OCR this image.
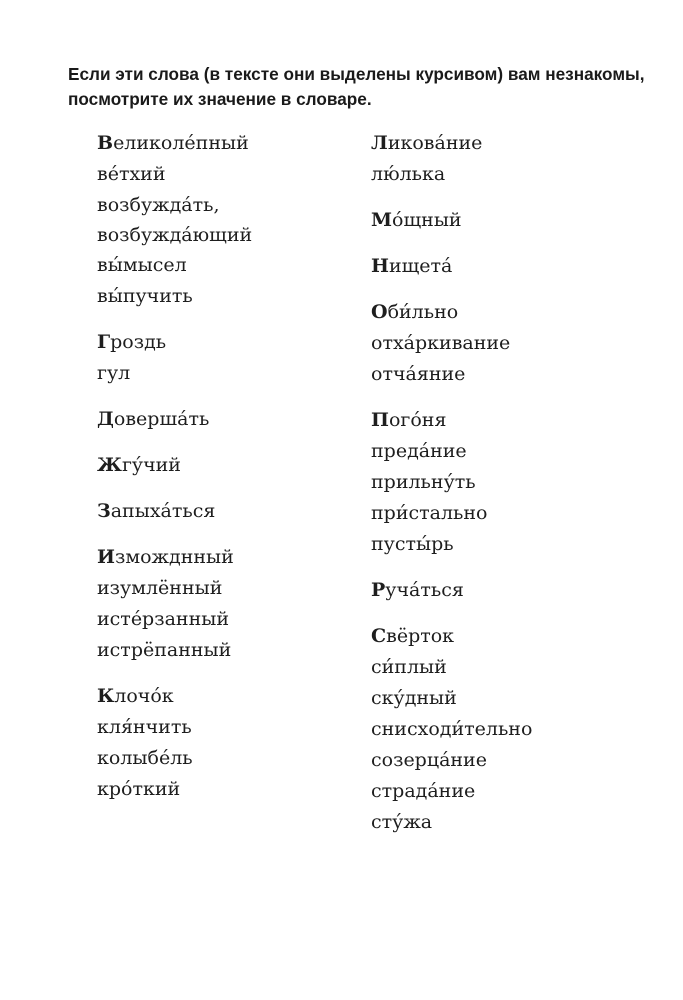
Если эти слова (в тексте они выделены курсивом) вам незнакомы, посмотрите их значение в словаре.
Великоле́пный
ве́тхий
возбужда́ть, возбужда́ющий
вы́мысел
вы́пучить
Гроздь
гул
Доверша́ть
Жгу́чий
Запыха́ться
Изможднный
изумлённый
истéрзанный
истрёпанный
Клочо́к
кля́нчить
колыбе́ль
кро́ткий
Ликова́ние
лю́лька
Мо́щный
Нищета́
Оби́льно
отха́ркивание
отча́яние
Пого́ня
преда́ние
прильну́ть
при́стально
пусты́рь
Руча́ться
Свёрток
си́плый
ску́дный
снисходи́тельно
созерца́ние
страда́ние
сту́жа
